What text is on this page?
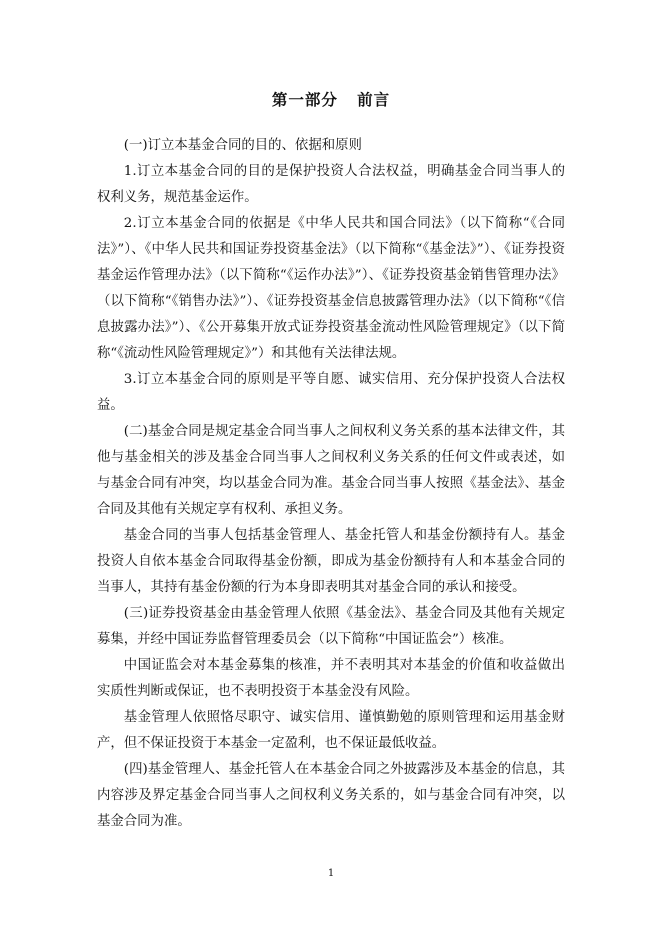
第一部分   前言

(一)订立本基金合同的目的、依据和原则

1.订立本基金合同的目的是保护投资人合法权益，明确基金合同当事人的权利义务，规范基金运作。

2.订立本基金合同的依据是《中华人民共和国合同法》（以下简称“《合同法》”）、《中华人民共和国证券投资基金法》（以下简称“《基金法》”）、《证券投资基金运作管理办法》（以下简称“《运作办法》”）、《证券投资基金销售管理办法》（以下简称“《销售办法》”）、《证券投资基金信息披露管理办法》（以下简称“《信息披露办法》”）、《公开募集开放式证券投资基金流动性风险管理规定》（以下简称“《流动性风险管理规定》”）和其他有关法律法规。

3.订立本基金合同的原则是平等自愿、诚实信用、充分保护投资人合法权益。

(二)基金合同是规定基金合同当事人之间权利义务关系的基本法律文件，其他与基金相关的涉及基金合同当事人之间权利义务关系的任何文件或表述，如与基金合同有冲突，均以基金合同为准。基金合同当事人按照《基金法》、基金合同及其他有关规定享有权利、承担义务。

基金合同的当事人包括基金管理人、基金托管人和基金份额持有人。基金投资人自依本基金合同取得基金份额，即成为基金份额持有人和本基金合同的当事人，其持有基金份额的行为本身即表明其对基金合同的承认和接受。

(三)证券投资基金由基金管理人依照《基金法》、基金合同及其他有关规定募集，并经中国证券监督管理委员会（以下简称“中国证监会”）核准。

中国证监会对本基金募集的核准，并不表明其对本基金的价值和收益做出实质性判断或保证，也不表明投资于本基金没有风险。

基金管理人依照恪尽职守、诚实信用、谨慎勤勉的原则管理和运用基金财产，但不保证投资于本基金一定盈利，也不保证最低收益。

(四)基金管理人、基金托管人在本基金合同之外披露涉及本基金的信息，其内容涉及界定基金合同当事人之间权利义务关系的，如与基金合同有冲突，以基金合同为准。

1
